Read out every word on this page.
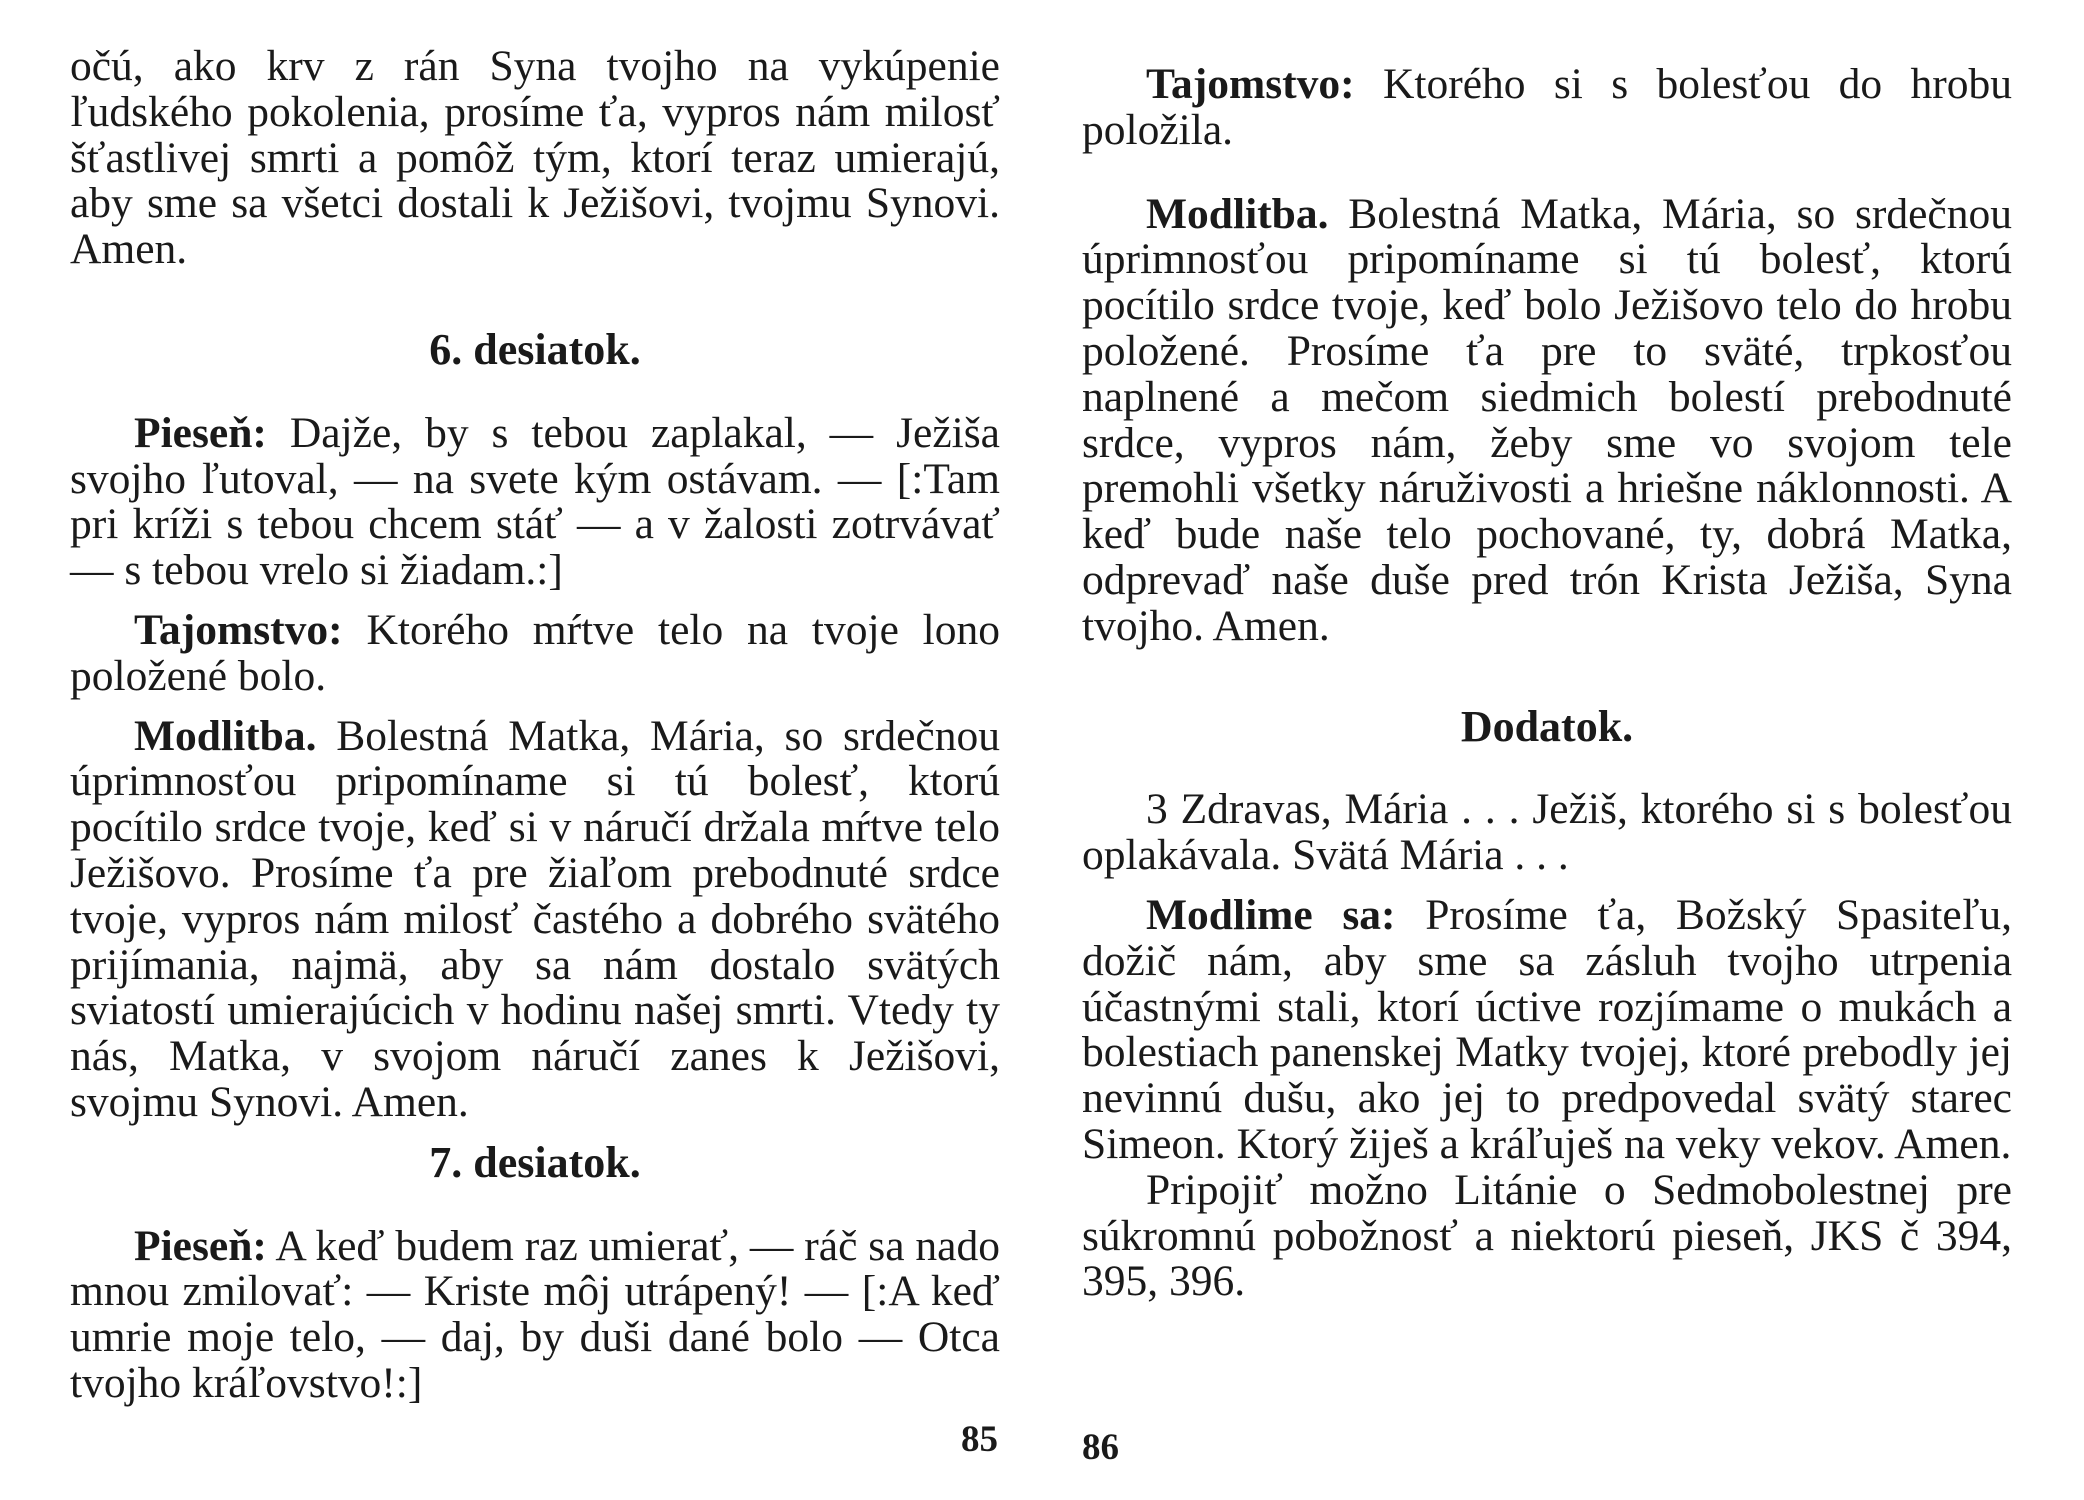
očú, ako krv z rán Syna tvojho na vykúpenie ľudského pokolenia, prosíme ťa, vypros nám milosť šťastlivej smrti a pomôž tým, ktorí teraz umierajú, aby sme sa všetci dostali k Ježišovi, tvojmu Synovi. Amen.

6. desiatok.

Pieseň: Dajže, by s tebou zaplakal, — Ježiša svojho ľutoval, — na svete kým ostávam. — [:Tam pri kríži s tebou chcem stáť — a v žalosti zotrvávať — s tebou vrelo si žiadam.:]

Tajomstvo: Ktorého mŕtve telo na tvoje lono položené bolo.

Modlitba. Bolestná Matka, Mária, so srdečnou úprimnosťou pripomíname si tú bolesť, ktorú pocítilo srdce tvoje, keď si v náručí držala mŕtve telo Ježišovo. Prosíme ťa pre žiaľom prebodnuté srdce tvoje, vypros nám milosť častého a dobrého svätého prijímania, najmä, aby sa nám dostalo svätých sviatostí umierajúcich v hodinu našej smrti. Vtedy ty nás, Matka, v svojom náručí zanes k Ježišovi, svojmu Synovi. Amen.

7. desiatok.

Pieseň: A keď budem raz umierať, — ráč sa nado mnou zmilovať: — Kriste môj utrápený! — [:A keď umrie moje telo, — daj, by duši dané bolo — Otca tvojho kráľovstvo!:]

85

Tajomstvo: Ktorého si s bolesťou do hrobu položila.

Modlitba. Bolestná Matka, Mária, so srdečnou úprimnosťou pripomíname si tú bolesť, ktorú pocítilo srdce tvoje, keď bolo Ježišovo telo do hrobu položené. Prosíme ťa pre to sväté, trpkosťou naplnené a mečom siedmich bolestí prebodnuté srdce, vypros nám, žeby sme vo svojom tele premohli všetky náruživosti a hriešne náklonnosti. A keď bude naše telo pochované, ty, dobrá Matka, odprevaď naše duše pred trón Krista Ježiša, Syna tvojho. Amen.

Dodatok.

3 Zdravas, Mária . . . Ježiš, ktorého si s bolesťou oplakávala. Svätá Mária . . .

Modlime sa: Prosíme ťa, Božský Spasiteľu, dožič nám, aby sme sa zásluh tvojho utrpenia účastnými stali, ktorí úctive rozjímame o mukách a bolestiach panenskej Matky tvojej, ktoré prebodly jej nevinnú dušu, ako jej to predpovedal svätý starec Simeon. Ktorý žiješ a kráľuješ na veky vekov. Amen.

Pripojiť možno Litánie o Sedmobolestnej pre súkromnú pobožnosť a niektorú pieseň, JKS č 394, 395, 396.

86
